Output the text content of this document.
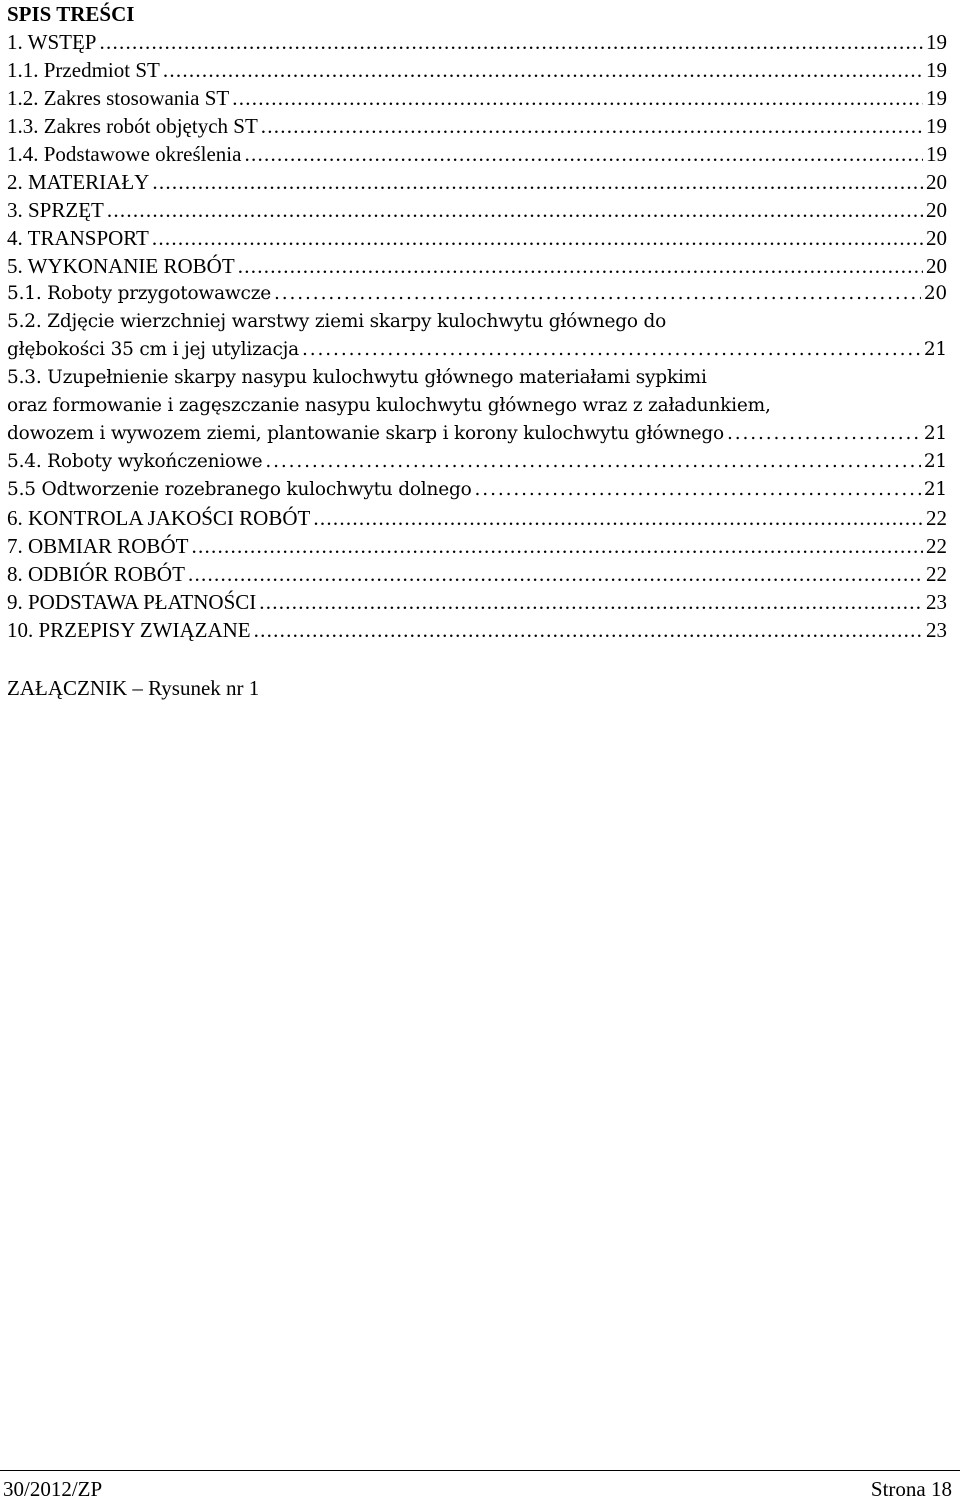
SPIS TREŚCI
1. WSTĘP . . .	19
1.1. Przedmiot ST . . .	19
1.2. Zakres stosowania ST . . .	19
1.3. Zakres robót objętych ST . . .	19
1.4. Podstawowe określenia . . .	19
2. MATERIAŁY . . .	20
3. SPRZĘT . . .	20
4. TRANSPORT . . .	20
5. WYKONANIE ROBÓT . . .	20
5.1. Roboty przygotowawcze . . .	20
5.2. Zdjęcie wierzchniej warstwy ziemi skarpy kulochwytu głównego do
głębokości 35 cm i jej utylizacja . . .	21
5.3. Uzupełnienie skarpy nasypu kulochwytu głównego materiałami sypkimi
oraz formowanie i zagęszczanie nasypu kulochwytu głównego wraz z załadunkiem,
dowozem i wywozem ziemi, plantowanie skarp i korony kulochwytu głównego . . .	21
5.4. Roboty wykończeniowe . . .	21
5.5 Odtworzenie rozebranego kulochwytu dolnego . . .	21
6. KONTROLA JAKOŚCI ROBÓT . . .	22
7. OBMIAR ROBÓT . . .	22
8. ODBIÓR ROBÓT . . .	22
9. PODSTAWA PŁATNOŚCI . . .	23
10. PRZEPISY ZWIĄZANE . . .	23
ZAŁĄCZNIK – Rysunek nr 1
30/2012/ZP	Strona 18
